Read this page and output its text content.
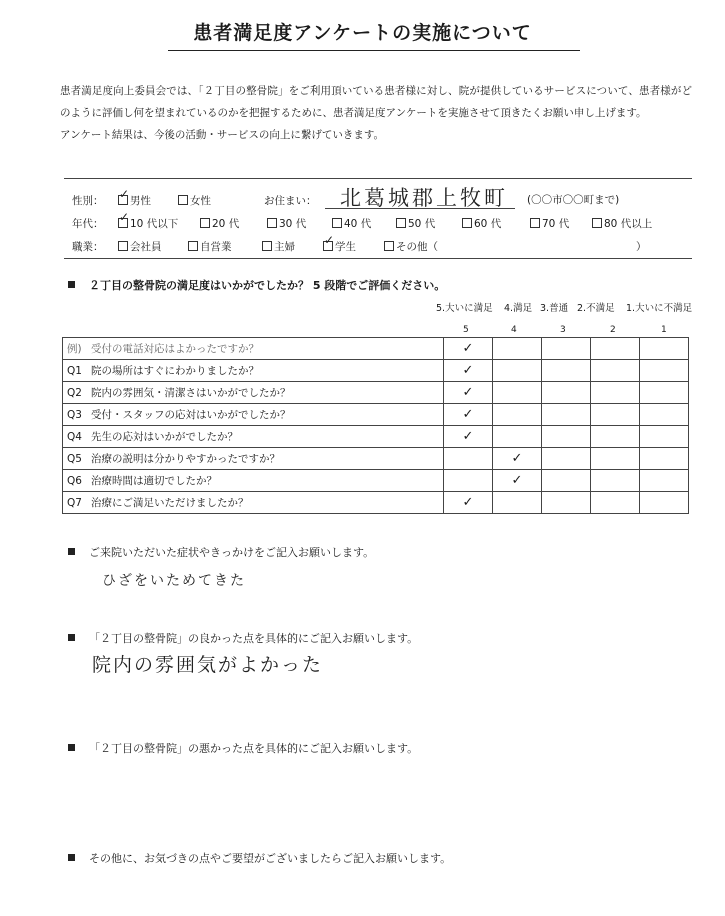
患者満足度アンケートの実施について

患者満足度向上委員会では、「２丁目の整骨院」をご利用頂いている患者様に対し、院が提供しているサービスについて、患者様がどのように評価し何を望まれているのかを把握するために、患者満足度アンケートを実施させて頂きたくお願い申し上げます。

アンケート結果は、今後の活動・サービスの向上に繋げていきます。

性別： ✓ 男性	女性	お住まい： 北葛城郡上牧町 (〇〇市〇〇町まで)
年代： ✓ 10 代以下	20 代	30 代	40 代	50 代	60 代	70 代	80 代以上
職業：	会社員	自営業	主婦 ✓ 学生	その他（	）
２丁目の整骨院の満足度はいかがでしたか？ 5 段階でご評価ください。
5.大いに満足 4.満足 3.普通 2.不満足 1.大いに不満足
5	4	3	2	1
例) 受付の電話対応はよかったですか？	✓				
Q1 院の場所はすぐにわかりましたか？	✓				
Q2 院内の雰囲気・清潔さはいかがでしたか？	✓				
Q3 受付・スタッフの応対はいかがでしたか？	✓				
Q4 先生の応対はいかがでしたか？	✓				
Q5 治療の説明は分かりやすかったですか？		✓			
Q6 治療時間は適切でしたか？		✓			
Q7 治療にご満足いただけましたか？	✓				
ご来院いただいた症状やきっかけをご記入お願いします。
ひざをいためてきた
「２丁目の整骨院」の良かった点を具体的にご記入お願いします。
院内の雰囲気がよかった
「２丁目の整骨院」の悪かった点を具体的にご記入お願いします。
その他に、お気づきの点やご要望がございましたらご記入お願いします。
